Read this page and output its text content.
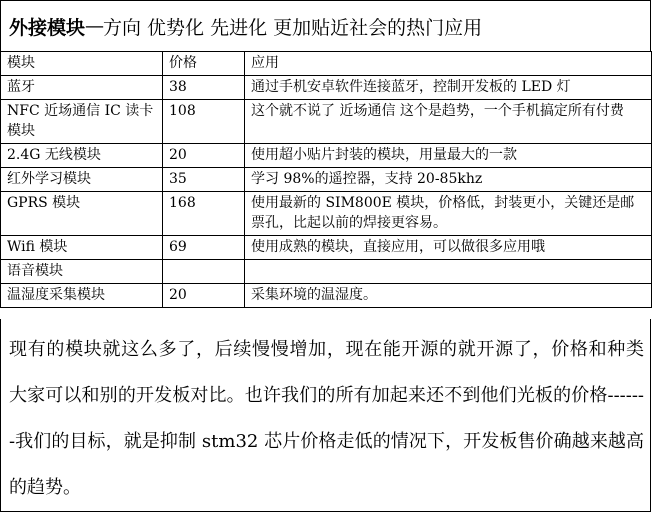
外接模块 — 方向 优势化 先进化 更加贴近社会的热门应用
模块	价格	应用
蓝牙	38	通过手机安卓软件连接蓝牙，控制开发板的 LED 灯
NFC 近场通信 IC 读卡模块	108	这个就不说了 近场通信 这个是趋势，一个手机搞定所有付费
2.4G 无线模块	20	使用超小贴片封装的模块，用量最大的一款
红外学习模块	35	学习 98%的遥控器，支持 20-85khz
GPRS 模块	168	使用最新的 SIM800E 模块，价格低，封装更小，关键还是邮票孔，比起以前的焊接更容易。
Wifi 模块	69	使用成熟的模块，直接应用，可以做很多应用哦
语音模块		
温湿度采集模块	20	采集环境的温湿度。
现有的模块就这么多了，后续慢慢增加，现在能开源的就开源了，价格和种类 大家可以和别的开发板对比。也许我们的所有加起来还不到他们光板的价格-------我们的目标，就是抑制 stm32 芯片价格走低的情况下，开发板售价确越来越高的趋势。
